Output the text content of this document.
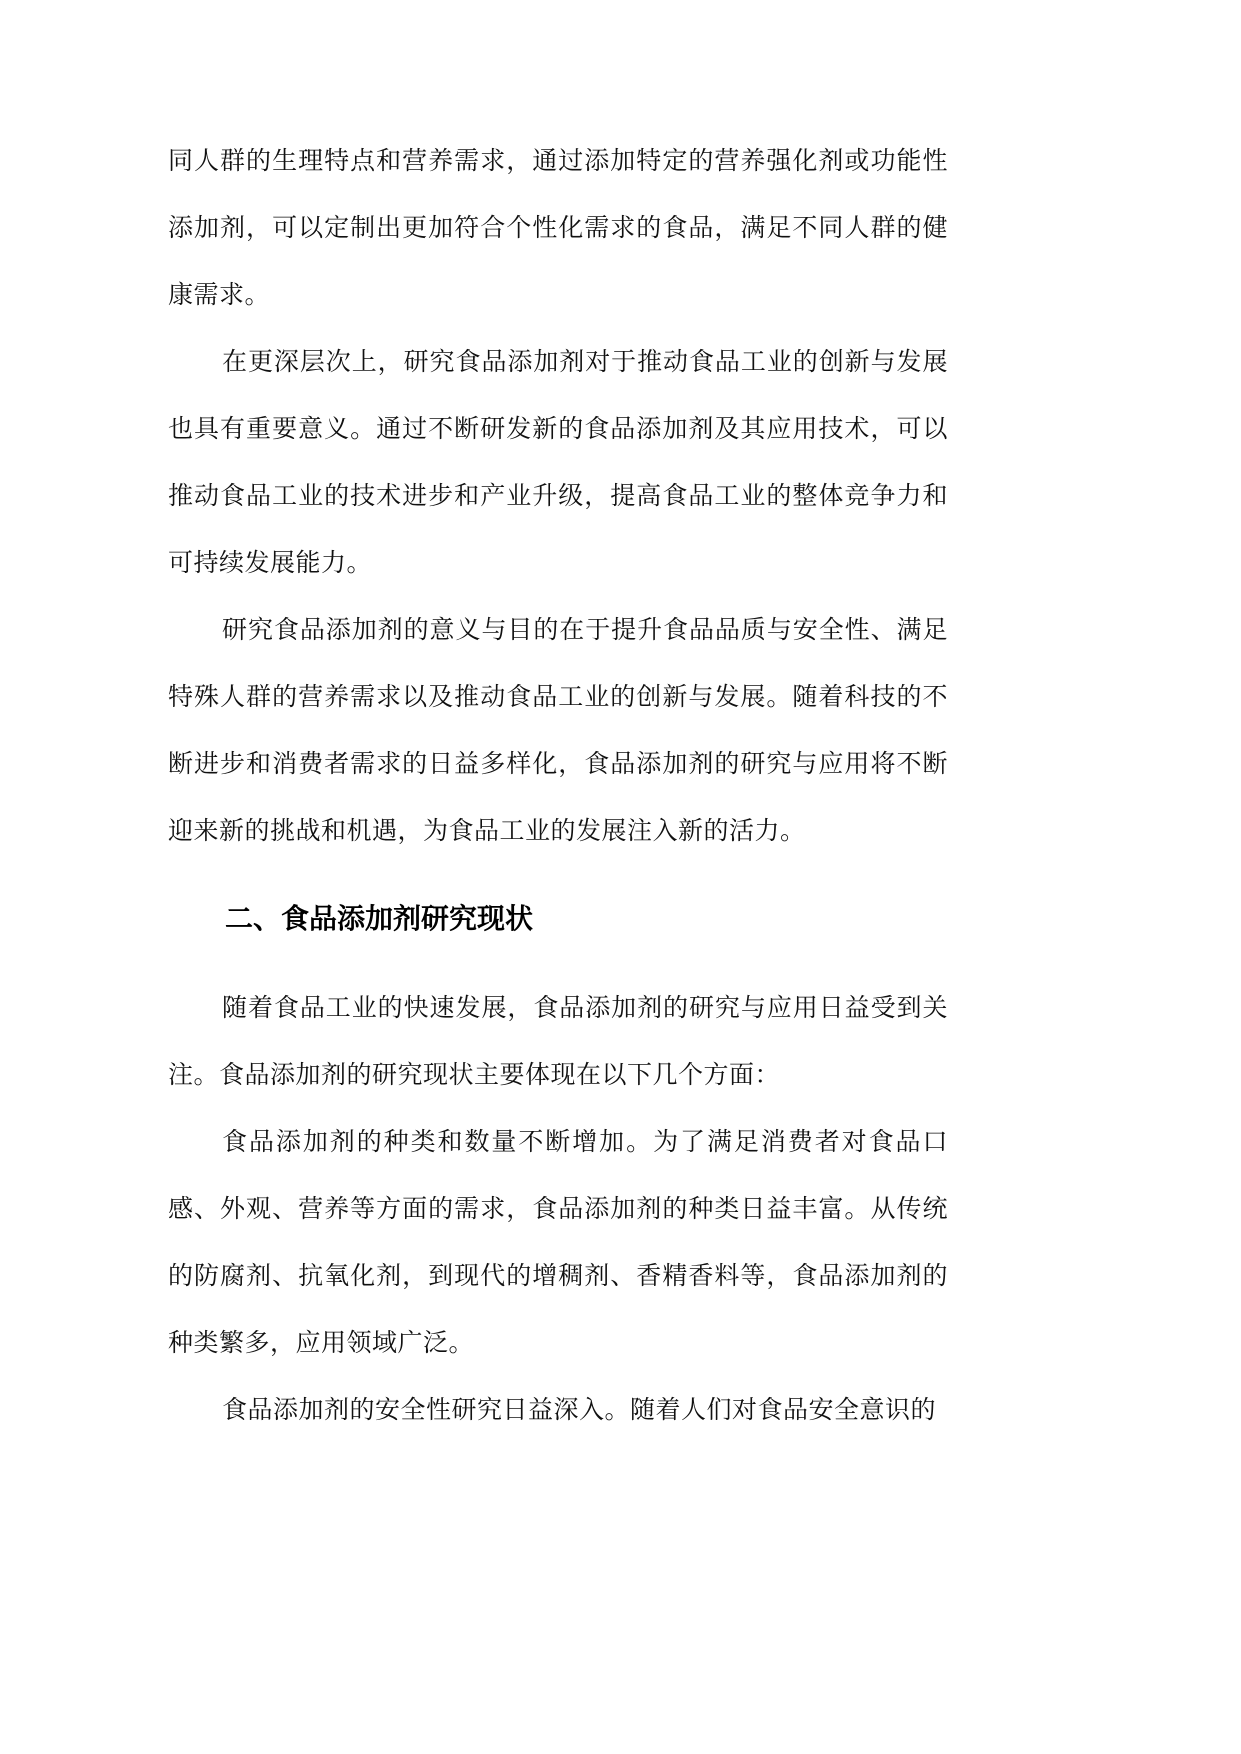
同人群的生理特点和营养需求，通过添加特定的营养强化剂或功能性添加剂，可以定制出更加符合个性化需求的食品，满足不同人群的健康需求。

在更深层次上，研究食品添加剂对于推动食品工业的创新与发展也具有重要意义。通过不断研发新的食品添加剂及其应用技术，可以推动食品工业的技术进步和产业升级，提高食品工业的整体竞争力和可持续发展能力。

研究食品添加剂的意义与目的在于提升食品品质与安全性、满足特殊人群的营养需求以及推动食品工业的创新与发展。随着科技的不断进步和消费者需求的日益多样化，食品添加剂的研究与应用将不断迎来新的挑战和机遇，为食品工业的发展注入新的活力。

二、食品添加剂研究现状

随着食品工业的快速发展，食品添加剂的研究与应用日益受到关注。食品添加剂的研究现状主要体现在以下几个方面：

食品添加剂的种类和数量不断增加。为了满足消费者对食品口感、外观、营养等方面的需求，食品添加剂的种类日益丰富。从传统的防腐剂、抗氧化剂，到现代的增稠剂、香精香料等，食品添加剂的种类繁多，应用领域广泛。

食品添加剂的安全性研究日益深入。随着人们对食品安全意识的
